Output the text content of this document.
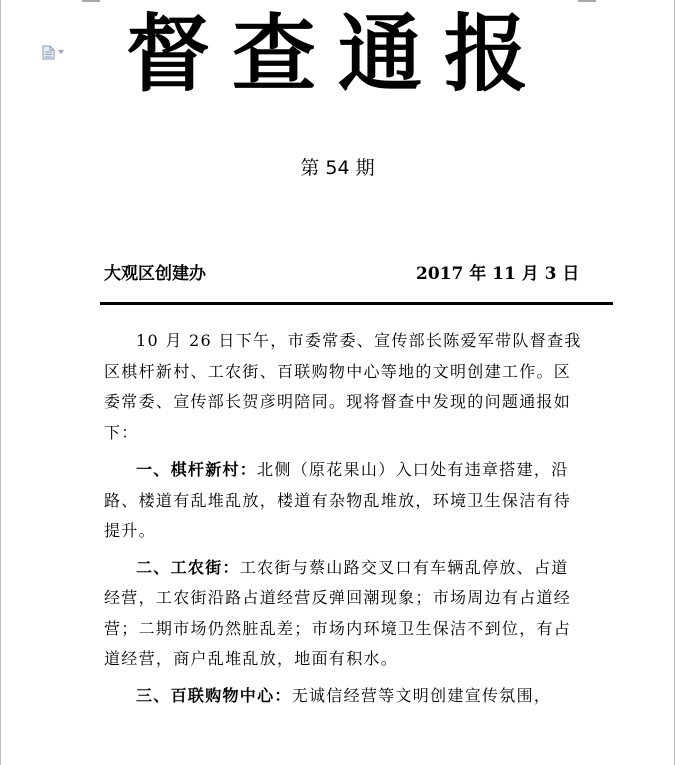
督查通报
第 54 期
大观区创建办	2017 年 11 月 3 日

10 月 26 日下午，市委常委、宣传部长陈爱军带队督查我区棋杆新村、工农街、百联购物中心等地的文明创建工作。区委常委、宣传部长贺彦明陪同。现将督查中发现的问题通报如下：

一、棋杆新村：北侧（原花果山）入口处有违章搭建，沿路、楼道有乱堆乱放，楼道有杂物乱堆放，环境卫生保洁有待提升。

二、工农街：工农街与蔡山路交叉口有车辆乱停放、占道经营，工农街沿路占道经营反弹回潮现象；市场周边有占道经营；二期市场仍然脏乱差；市场内环境卫生保洁不到位，有占道经营，商户乱堆乱放，地面有积水。

三、百联购物中心：无诚信经营等文明创建宣传氛围，
